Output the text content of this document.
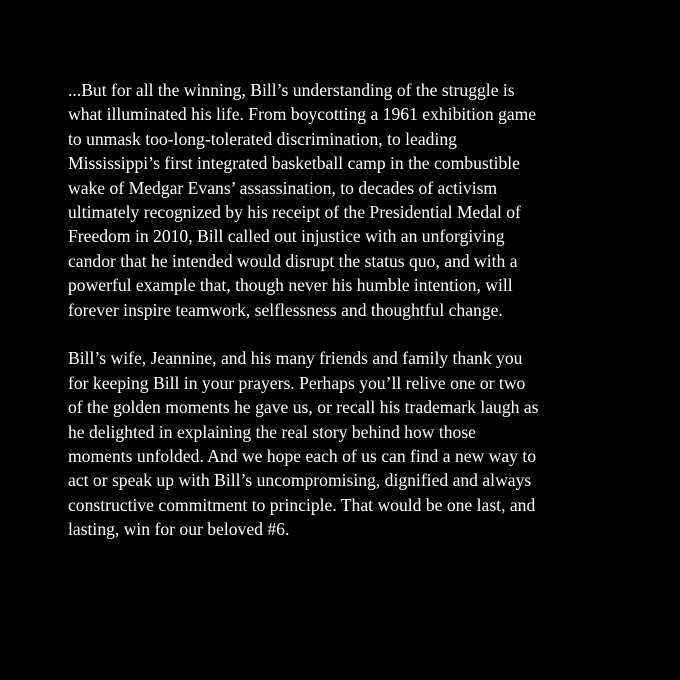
...But for all the winning, Bill’s understanding of the struggle is
what illuminated his life. From boycotting a 1961 exhibition game
to unmask too-long-tolerated discrimination, to leading
Mississippi’s first integrated basketball camp in the combustible
wake of Medgar Evans’ assassination, to decades of activism
ultimately recognized by his receipt of the Presidential Medal of
Freedom in 2010, Bill called out injustice with an unforgiving
candor that he intended would disrupt the status quo, and with a
powerful example that, though never his humble intention, will
forever inspire teamwork, selflessness and thoughtful change.

Bill’s wife, Jeannine, and his many friends and family thank you
for keeping Bill in your prayers. Perhaps you’ll relive one or two
of the golden moments he gave us, or recall his trademark laugh as
he delighted in explaining the real story behind how those
moments unfolded. And we hope each of us can find a new way to
act or speak up with Bill’s uncompromising, dignified and always
constructive commitment to principle. That would be one last, and
lasting, win for our beloved #6.
